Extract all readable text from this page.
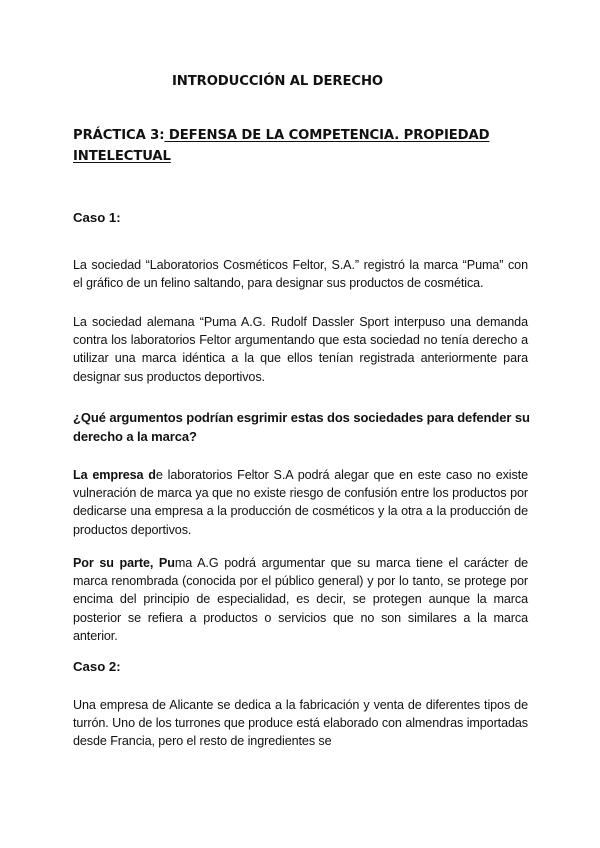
INTRODUCCIÓN AL DERECHO
PRÁCTICA 3: DEFENSA DE LA COMPETENCIA. PROPIEDAD
INTELECTUAL
Caso 1:
La sociedad “Laboratorios Cosméticos Feltor, S.A.” registró la marca “Puma” con el gráfico de un felino saltando, para designar sus productos de cosmética.
La sociedad alemana “Puma A.G. Rudolf Dassler Sport interpuso una demanda contra los laboratorios Feltor argumentando que esta sociedad no tenía derecho a utilizar una marca idéntica a la que ellos tenían registrada anteriormente para designar sus productos deportivos.
¿Qué argumentos podrían esgrimir estas dos sociedades para defender su derecho a la marca?
La empresa de laboratorios Feltor S.A podrá alegar que en este caso no existe vulneración de marca ya que no existe riesgo de confusión entre los productos por dedicarse una empresa a la producción de cosméticos y la otra a la producción de productos deportivos.
Por su parte, Puma A.G podrá argumentar que su marca tiene el carácter de marca renombrada (conocida por el público general) y por lo tanto, se protege por encima del principio de especialidad, es decir, se protegen aunque la marca posterior se refiera a productos o servicios que no son similares a la marca anterior.
Caso 2:
Una empresa de Alicante se dedica a la fabricación y venta de diferentes tipos de turrón. Uno de los turrones que produce está elaborado con almendras importadas desde Francia, pero el resto de ingredientes se
